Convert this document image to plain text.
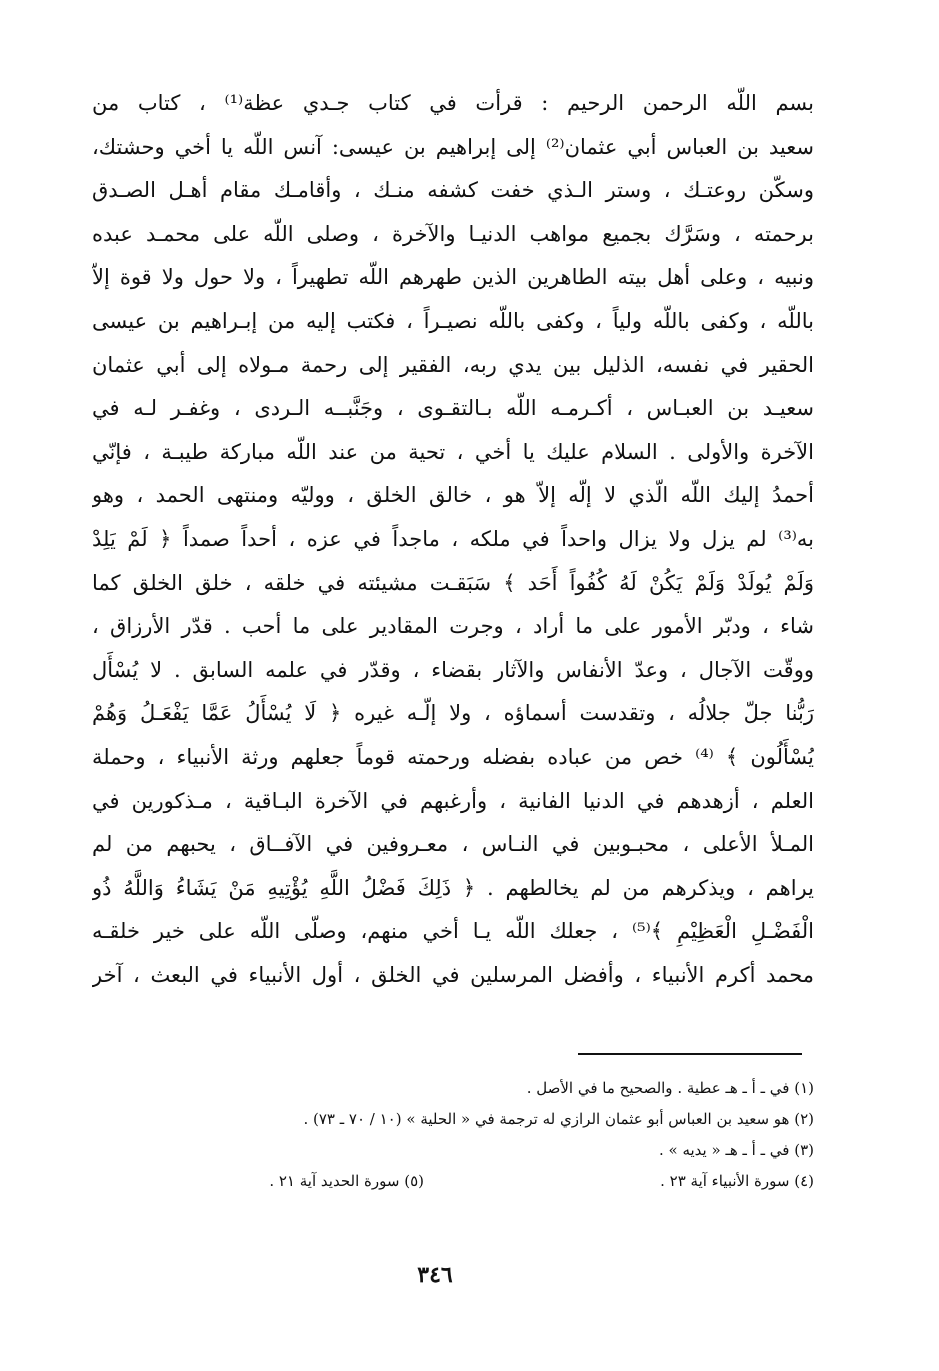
بسم اللّه الرحمن الرحيم : قرأت في كتاب جـدي عظة⁽¹⁾ ، كتاب من
سعيد بن العباس أبي عثمان⁽²⁾ إلى إبراهيم بن عيسى: آنس اللّه يا أخي وحشتك،
وسكّن روعتـك ، وستر الـذي خفت كشفه منـك ، وأقامـك مقام أهـل الصـدق
برحمته ، وسَرَّك بجميع مواهب الدنيـا والآخرة ، وصلى اللّه على محمـد عبده
ونبيه ، وعلى أهل بيته الطاهرين الذين طهرهم اللّه تطهيراً ، ولا حول ولا قوة إلاّ
باللّه ، وكفى باللّه ولياً ، وكفى باللّه نصيـراً ، فكتب إليه من إبـراهيم بن عيسى
الحقير في نفسه، الذليل بين يدي ربه، الفقير إلى رحمة مـولاه إلى أبي عثمان
سعيـد بن العبـاس ، أكـرمـه اللّه بـالتقـوى ، وجَنَّبــه الـردى ، وغفـر لـه في
الآخرة والأولى . السلام عليك يا أخي ، تحية من عند اللّه مباركة طيبـة ، فإنّي
أحمدُ إليك اللّه الّذي لا إلّه إلاّ هو ، خالق الخلق ، ووليّه ومنتهى الحمد ، وهو
به⁽³⁾ لم يزل ولا يزال واحداً في ملكه ، ماجداً في عزه ، أحداً صمداً ﴿ لَمْ يَلِدْ
وَلَمْ يُولَدْ وَلَمْ يَكُنْ لَهُ كُفُواً أَحَد ﴾ سَبَقـت مشيئته في خلقه ، خلق الخلق كما
شاء ، ودبّر الأمور على ما أراد ، وجرت المقادير على ما أحب . قدّر الأرزاق ،
ووقّت الآجال ، وعدّ الأنفاس والآثار بقضاء ، وقدّر في علمه السابق . لا يُسْأَل
رَبُّنا جلّ جلالُه ، وتقدست أسماؤه ، ولا إلّـه غيره ﴿ لَا يُسْأَلُ عَمَّا يَفْعَـلُ وَهُمْ
يُسْأَلُون ﴾ ⁽⁴⁾ خص من عباده بفضله ورحمته قوماً جعلهم ورثة الأنبياء ، وحملة
العلم ، أزهدهم في الدنيا الفانية ، وأرغبهم في الآخرة البـاقية ، مـذكورين في
المـلأ الأعلى ، محبـوبين في النـاس ، معـروفين في الآفــاق ، يحبهم من لم
يراهم ، ويذكرهم من لم يخالطهم . ﴿ ذَلِكَ فَضْلُ اللَّهِ يُؤْتِيهِ مَنْ يَشَاءُ وَاللَّهُ ذُو
الْفَضْـلِ الْعَظِيْمِ ﴾⁽⁵⁾ ، جعلك اللّه يـا أخي منهم، وصلّى اللّه على خير خلقـه
محمد أكرم الأنبياء ، وأفضل المرسلين في الخلق ، أول الأنبياء في البعث ، آخر
(١) في ـ أ ـ هـ عطية . والصحيح ما في الأصل .
(٢) هو سعيد بن العباس أبو عثمان الرازي له ترجمة في « الحلية » (١٠ / ٧٠ ـ ٧٣) .
(٣) في ـ أ ـ هـ « يديه » .
(٤) سورة الأنبياء آية ٢٣ .
(٥) سورة الحديد آية ٢١ .
٣٤٦
